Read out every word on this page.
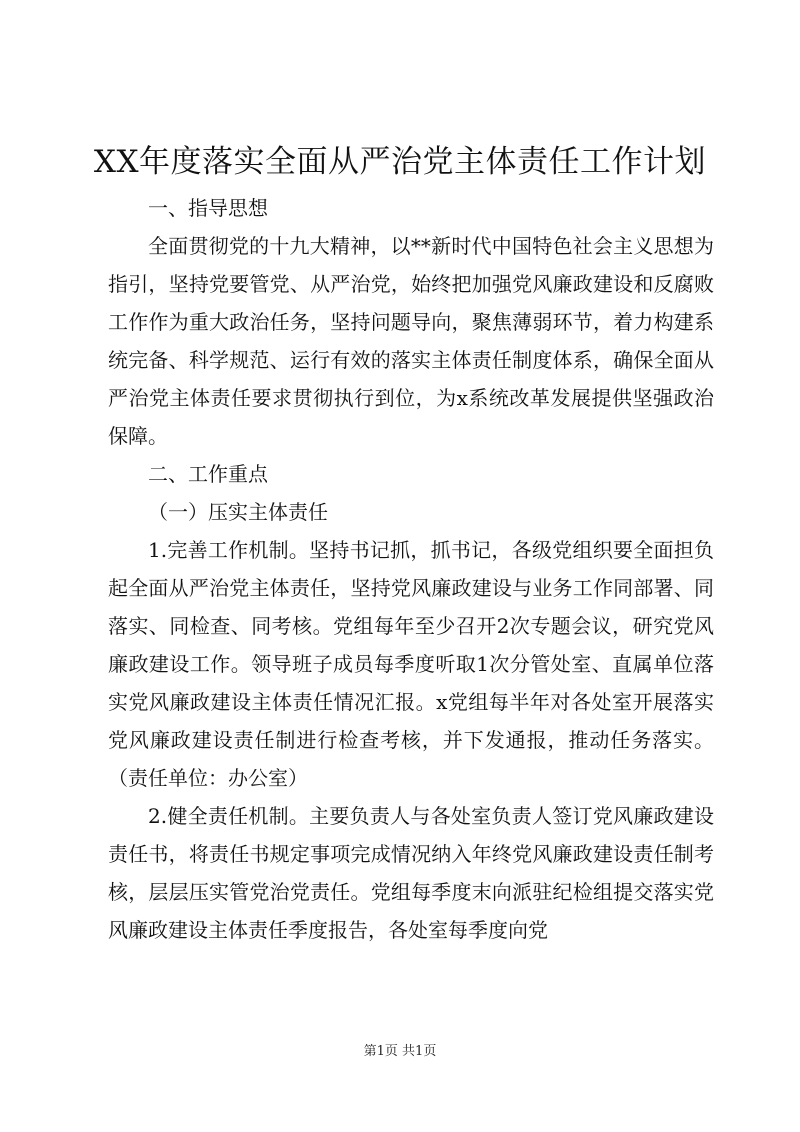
XX年度落实全面从严治党主体责任工作计划

一、指导思想

全面贯彻党的十九大精神，以**新时代中国特色社会主义思想为指引，坚持党要管党、从严治党，始终把加强党风廉政建设和反腐败工作作为重大政治任务，坚持问题导向，聚焦薄弱环节，着力构建系统完备、科学规范、运行有效的落实主体责任制度体系，确保全面从严治党主体责任要求贯彻执行到位，为x系统改革发展提供坚强政治保障。

二、工作重点

（一）压实主体责任

1.完善工作机制。坚持书记抓，抓书记，各级党组织要全面担负起全面从严治党主体责任，坚持党风廉政建设与业务工作同部署、同落实、同检查、同考核。党组每年至少召开2次专题会议，研究党风廉政建设工作。领导班子成员每季度听取1次分管处室、直属单位落实党风廉政建设主体责任情况汇报。x党组每半年对各处室开展落实党风廉政建设责任制进行检查考核，并下发通报，推动任务落实。（责任单位：办公室）

2.健全责任机制。主要负责人与各处室负责人签订党风廉政建设责任书，将责任书规定事项完成情况纳入年终党风廉政建设责任制考核，层层压实管党治党责任。党组每季度末向派驻纪检组提交落实党风廉政建设主体责任季度报告，各处室每季度向党

第1页 共1页
